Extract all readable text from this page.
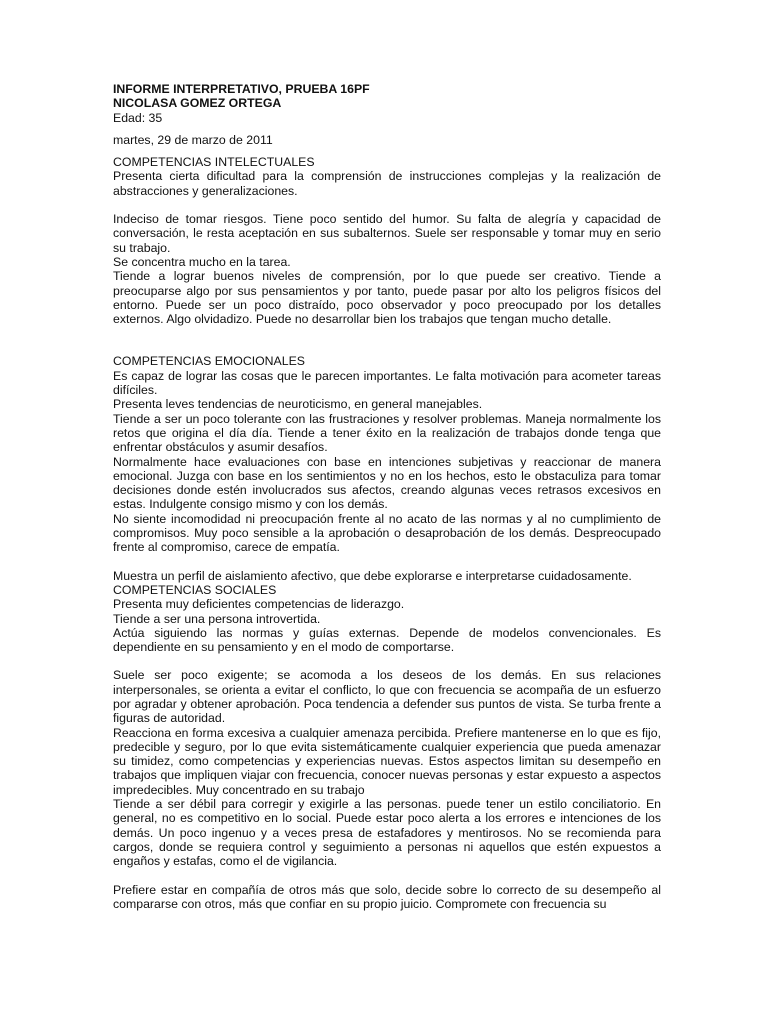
INFORME INTERPRETATIVO, PRUEBA 16PF

NICOLASA GOMEZ ORTEGA

Edad: 35

martes, 29 de marzo de 2011

COMPETENCIAS INTELECTUALES

Presenta cierta dificultad para la comprensión de instrucciones complejas y la realización de abstracciones y generalizaciones.

Indeciso de tomar riesgos. Tiene poco sentido del humor. Su falta de alegría y capacidad de conversación, le resta aceptación en sus subalternos. Suele ser responsable y tomar muy en serio su trabajo.

Se concentra mucho en la tarea.

Tiende a lograr buenos niveles de comprensión, por lo que puede ser creativo. Tiende a preocuparse algo por sus pensamientos y por tanto, puede pasar por alto los peligros físicos del entorno. Puede ser un poco distraído, poco observador y poco preocupado por los detalles externos. Algo olvidadizo. Puede no desarrollar bien los trabajos que tengan mucho detalle.

COMPETENCIAS EMOCIONALES

Es capaz de lograr las cosas que le parecen importantes. Le falta motivación para acometer tareas difíciles.

Presenta leves tendencias de neuroticismo, en general manejables.

Tiende a ser un poco tolerante con las frustraciones y resolver problemas. Maneja normalmente los retos que origina el día día. Tiende a tener éxito en la realización de trabajos donde tenga que enfrentar obstáculos y asumir desafíos.

Normalmente hace evaluaciones con base en intenciones subjetivas y reaccionar de manera emocional. Juzga con base en los sentimientos y no en los hechos, esto le obstaculiza para tomar decisiones donde estén involucrados sus afectos, creando algunas veces retrasos excesivos en estas. Indulgente consigo mismo y con los demás.

No siente incomodidad ni preocupación frente al no acato de las normas y al no cumplimiento de compromisos. Muy poco sensible a la aprobación o desaprobación de los demás. Despreocupado frente al compromiso, carece de empatía.

Muestra un perfil de aislamiento afectivo, que debe explorarse e interpretarse cuidadosamente.

COMPETENCIAS SOCIALES

Presenta muy deficientes competencias de liderazgo.

Tiende a ser una persona introvertida.

Actúa siguiendo las normas y guías externas. Depende de modelos convencionales. Es dependiente en su pensamiento y en el modo de comportarse.

Suele ser poco exigente; se acomoda a los deseos de los demás. En sus relaciones interpersonales, se orienta a evitar el conflicto, lo que con frecuencia se acompaña de un esfuerzo por agradar y obtener aprobación. Poca tendencia a defender sus puntos de vista. Se turba frente a figuras de autoridad.

Reacciona en forma excesiva a cualquier amenaza percibida. Prefiere mantenerse en lo que es fijo, predecible y seguro, por lo que evita sistemáticamente cualquier experiencia que pueda amenazar su timidez, como competencias y experiencias nuevas. Estos aspectos limitan su desempeño en trabajos que impliquen viajar con frecuencia, conocer nuevas personas y estar expuesto a aspectos impredecibles. Muy concentrado en su trabajo

Tiende a ser débil para corregir y exigirle a las personas. puede tener un estilo conciliatorio. En general, no es competitivo en lo social. Puede estar poco alerta a los errores e intenciones de los demás. Un poco ingenuo y a veces presa de estafadores y mentirosos. No se recomienda para cargos, donde se requiera control y seguimiento a personas ni aquellos que estén expuestos a engaños y estafas, como el de vigilancia.

Prefiere estar en compañía de otros más que solo, decide sobre lo correcto de su desempeño al compararse con otros, más que confiar en su propio juicio. Compromete con frecuencia su
